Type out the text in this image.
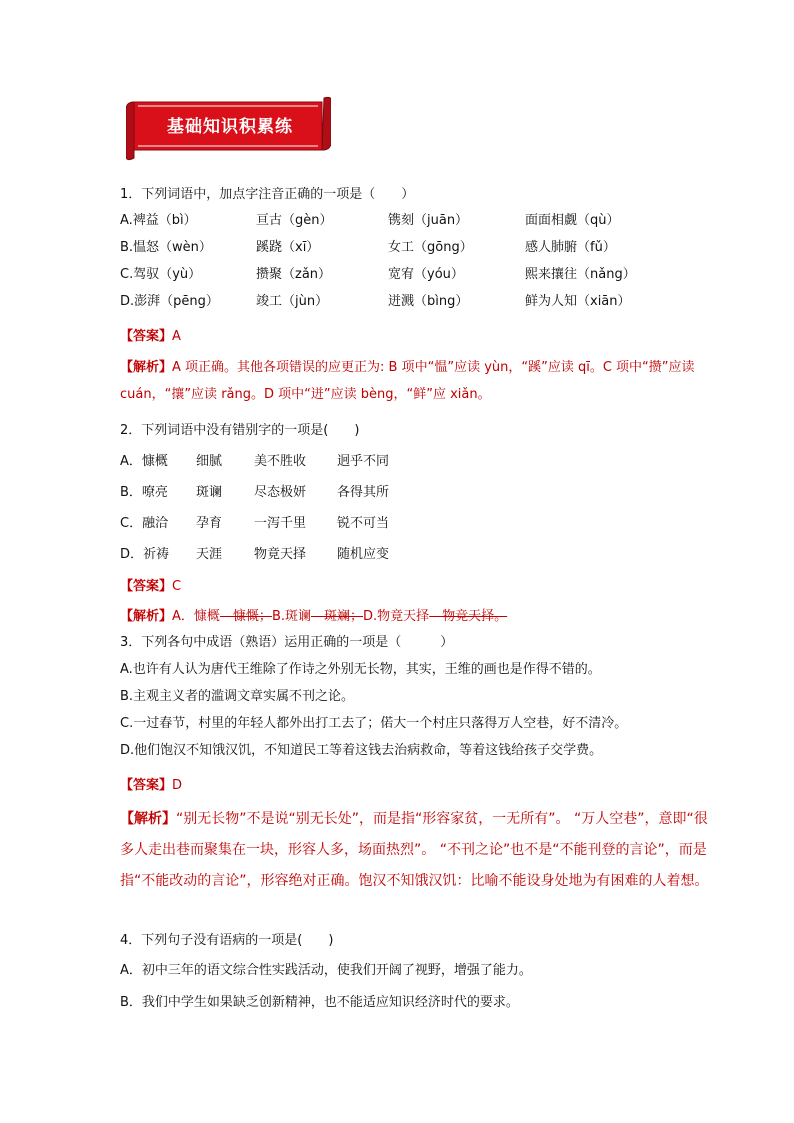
基础知识积累练
1．下列词语中，加点字注音正确的一项是（　　）
A.裨益（bì）	亘古（gèn）	镌刻（juān）	面面相觑（qù）
B.愠怒（wèn）	蹊跷（xī）	女工（gōng）	感人肺腑（fǔ）
C.驾驭（yù）	攒聚（zǎn）	宽宥（yóu）	熙来攘往（nǎng）
D.澎湃（pēng）	竣工（jùn）	迸溅（bìng）	鲜为人知（xiān）
【答案】A
【解析】A 项正确。其他各项错误的应更正为: B 项中“愠”应读 yùn，“蹊”应读 qī。C 项中“攒”应读 cuán，“攘”应读 rǎng。D 项中“迸”应读 bèng，“鲜”应 xiǎn。
2．下列词语中没有错别字的一项是(　　)
A．慷概 细腻 美不胜收 迥乎不同
B．嘹亮 斑谰 尽态极妍 各得其所
C．融洽 孕育 一泻千里 锐不可当
D．祈祷 天涯 物竟天择 随机应变
【答案】C
【解析】A．慷概—慷慨；B.斑谰—斑斓；D.物竟天择—物竞天择。
3．下列各句中成语（熟语）运用正确的一项是（　　　）
A.也许有人认为唐代王维除了作诗之外别无长物，其实，王维的画也是作得不错的。
B.主观主义者的滥调文章实属不刊之论。
C.一过春节，村里的年轻人都外出打工去了；偌大一个村庄只落得万人空巷，好不清冷。
D.他们饱汉不知饿汉饥，不知道民工等着这钱去治病救命，等着这钱给孩子交学费。
【答案】D
【解析】“别无长物”不是说“别无长处”，而是指“形容家贫，一无所有”。 “万人空巷”，意即“很多人走出巷而聚集在一块，形容人多，场面热烈”。 “不刊之论”也不是“不能刊登的言论”，而是指“不能改动的言论”，形容绝对正确。饱汉不知饿汉饥：比喻不能设身处地为有困难的人着想。
4．下列句子没有语病的一项是(　　)
A．初中三年的语文综合性实践活动，使我们开阔了视野，增强了能力。
B．我们中学生如果缺乏创新精神，也不能适应知识经济时代的要求。
